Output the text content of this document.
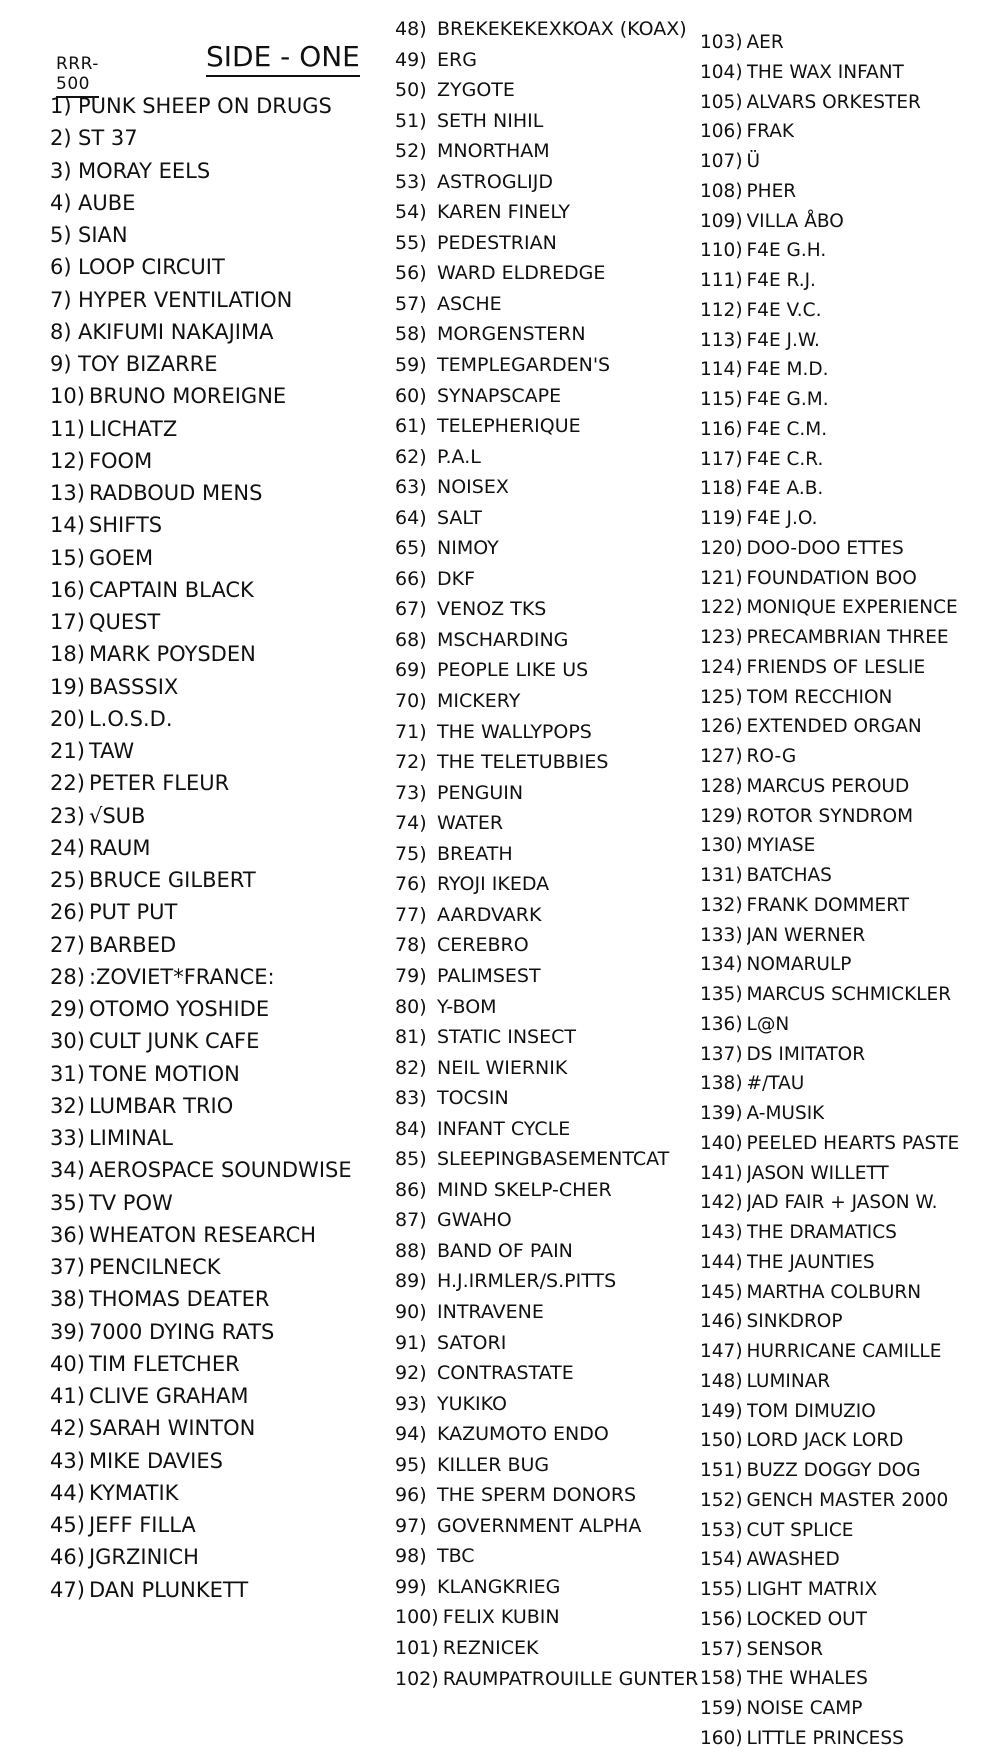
RRR-500
SIDE - ONE
1 ) PUNK SHEEP ON DRUGS
2 ) ST 37
3 ) MORAY EELS
4 ) AUBE
5 ) SIAN
6 ) LOOP CIRCUIT
7 ) HYPER VENTILATION
8 ) AKIFUMI NAKAJIMA
9 ) TOY BIZARRE
10 ) BRUNO MOREIGNE
11 ) LICHATZ
12 ) FOOM
13 ) RADBOUD MENS
14 ) SHIFTS
15 ) GOEM
16 ) CAPTAIN BLACK
17 ) QUEST
18 ) MARK POYSDEN
19 ) BASSSIX
20 ) L.O.S.D.
21 ) TAW
22 ) PETER FLEUR
23 ) √SUB
24 ) RAUM
25 ) BRUCE GILBERT
26 ) PUT PUT
27 ) BARBED
28 ) :ZOVIET*FRANCE:
29 ) OTOMO YOSHIDE
30 ) CULT JUNK CAFE
31 ) TONE MOTION
32 ) LUMBAR TRIO
33 ) LIMINAL
34 ) AEROSPACE SOUNDWISE
35 ) TV POW
36 ) WHEATON RESEARCH
37 ) PENCILNECK
38 ) THOMAS DEATER
39 ) 7000 DYING RATS
40 ) TIM FLETCHER
41 ) CLIVE GRAHAM
42 ) SARAH WINTON
43 ) MIKE DAVIES
44 ) KYMATIK
45 ) JEFF FILLA
46 ) JGRZINICH
47 ) DAN PLUNKETT
48 ) BREKEKEKEXKOAX (KOAX)
49 ) ERG
50 ) ZYGOTE
51 ) SETH NIHIL
52 ) MNORTHAM
53 ) ASTROGLIJD
54 ) KAREN FINELY
55 ) PEDESTRIAN
56 ) WARD ELDREDGE
57 ) ASCHE
58 ) MORGENSTERN
59 ) TEMPLEGARDEN'S
60 ) SYNAPSCAPE
61 ) TELEPHERIQUE
62 ) P.A.L
63 ) NOISEX
64 ) SALT
65 ) NIMOY
66 ) DKF
67 ) VENOZ TKS
68 ) MSCHARDING
69 ) PEOPLE LIKE US
70 ) MICKERY
71 ) THE WALLYPOPS
72 ) THE TELETUBBIES
73 ) PENGUIN
74 ) WATER
75 ) BREATH
76 ) RYOJI IKEDA
77 ) AARDVARK
78 ) CEREBRO
79 ) PALIMSEST
80 ) Y-BOM
81 ) STATIC INSECT
82 ) NEIL WIERNIK
83 ) TOCSIN
84 ) INFANT CYCLE
85 ) SLEEPINGBASEMENTCAT
86 ) MIND SKELP-CHER
87 ) GWAHO
88 ) BAND OF PAIN
89 ) H.J.IRMLER/S.PITTS
90 ) INTRAVENE
91 ) SATORI
92 ) CONTRASTATE
93 ) YUKIKO
94 ) KAZUMOTO ENDO
95 ) KILLER BUG
96 ) THE SPERM DONORS
97 ) GOVERNMENT ALPHA
98 ) TBC
99 ) KLANGKRIEG
100 ) FELIX KUBIN
101 ) REZNICEK
102 ) RAUMPATROUILLE GUNTER
103 ) AER
104 ) THE WAX INFANT
105 ) ALVARS ORKESTER
106 ) FRAK
107 ) Ü
108 ) PHER
109 ) VILLA ÅBO
110 ) F4E G.H.
111 ) F4E R.J.
112 ) F4E V.C.
113 ) F4E J.W.
114 ) F4E M.D.
115 ) F4E G.M.
116 ) F4E C.M.
117 ) F4E C.R.
118 ) F4E A.B.
119 ) F4E J.O.
120 ) DOO-DOO ETTES
121 ) FOUNDATION BOO
122 ) MONIQUE EXPERIENCE
123 ) PRECAMBRIAN THREE
124 ) FRIENDS OF LESLIE
125 ) TOM RECCHION
126 ) EXTENDED ORGAN
127 ) RO-G
128 ) MARCUS PEROUD
129 ) ROTOR SYNDROM
130 ) MYIASE
131 ) BATCHAS
132 ) FRANK DOMMERT
133 ) JAN WERNER
134 ) NOMARULP
135 ) MARCUS SCHMICKLER
136 ) L@N
137 ) DS IMITATOR
138 ) #/TAU
139 ) A-MUSIK
140 ) PEELED HEARTS PASTE
141 ) JASON WILLETT
142 ) JAD FAIR + JASON W.
143 ) THE DRAMATICS
144 ) THE JAUNTIES
145 ) MARTHA COLBURN
146 ) SINKDROP
147 ) HURRICANE CAMILLE
148 ) LUMINAR
149 ) TOM DIMUZIO
150 ) LORD JACK LORD
151 ) BUZZ DOGGY DOG
152 ) GENCH MASTER 2000
153 ) CUT SPLICE
154 ) AWASHED
155 ) LIGHT MATRIX
156 ) LOCKED OUT
157 ) SENSOR
158 ) THE WHALES
159 ) NOISE CAMP
160 ) LITTLE PRINCESS
